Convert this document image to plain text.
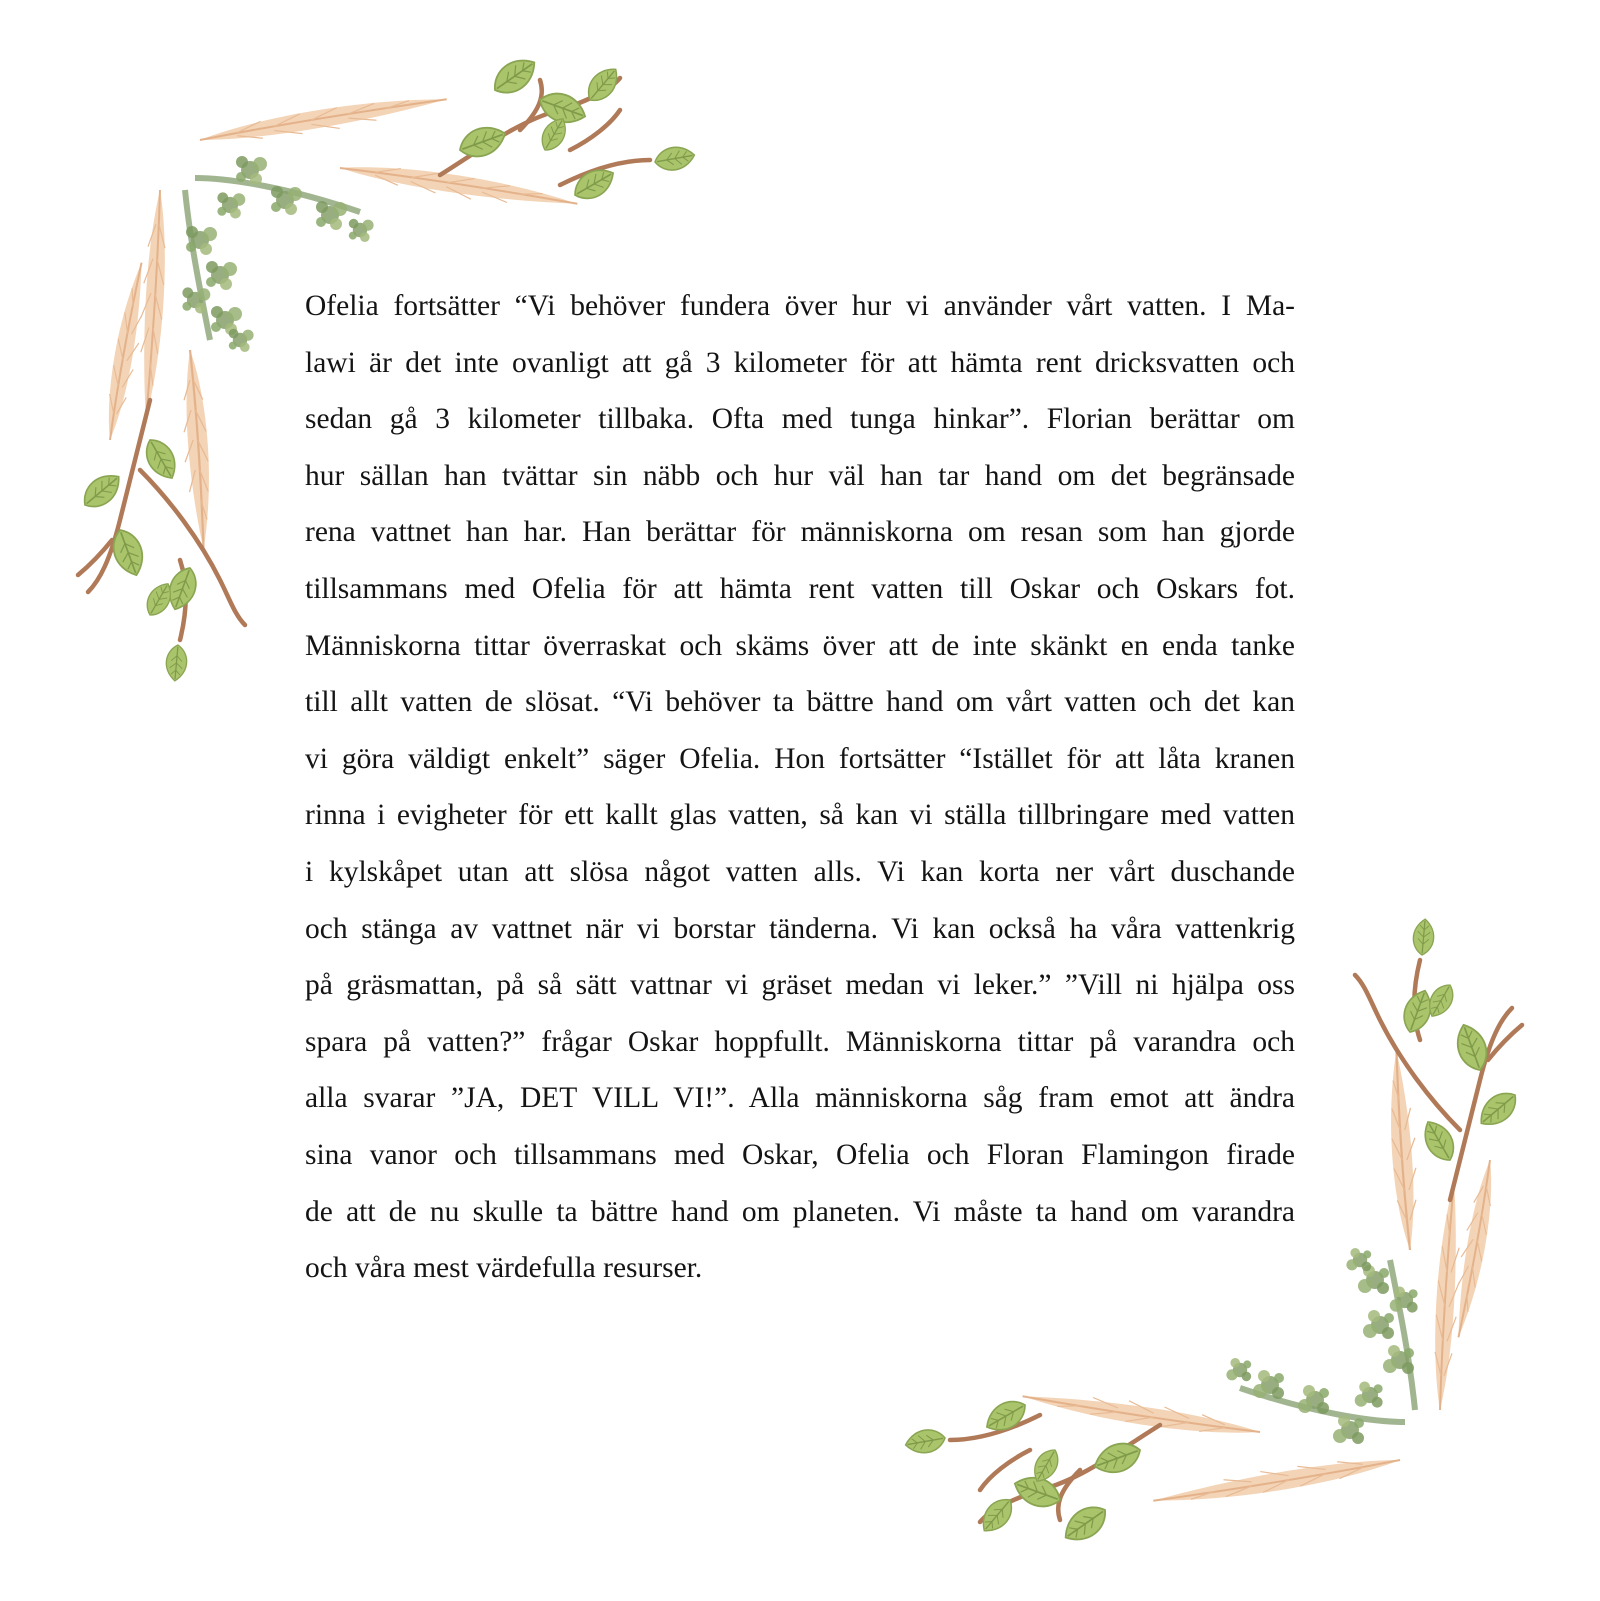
Ofelia fortsätter “Vi behöver fundera över hur vi använder vårt vatten. I Ma-
lawi är det inte ovanligt att gå 3 kilometer för att hämta rent dricksvatten och
sedan gå 3 kilometer tillbaka. Ofta med tunga hinkar”. Florian berättar om
hur sällan han tvättar sin näbb och hur väl han tar hand om det begränsade
rena vattnet han har. Han berättar för människorna om resan som han gjorde
tillsammans med Ofelia för att hämta rent vatten till Oskar och Oskars fot.
Människorna tittar överraskat och skäms över att de inte skänkt en enda tanke
till allt vatten de slösat. “Vi behöver ta bättre hand om vårt vatten och det kan
vi göra väldigt enkelt” säger Ofelia. Hon fortsätter “Istället för att låta kranen
rinna i evigheter för ett kallt glas vatten, så kan vi ställa tillbringare med vatten
i kylskåpet utan att slösa något vatten alls. Vi kan korta ner vårt duschande
och stänga av vattnet när vi borstar tänderna. Vi kan också ha våra vattenkrig
på gräsmattan, på så sätt vattnar vi gräset medan vi leker.” ”Vill ni hjälpa oss
spara på vatten?” frågar Oskar hoppfullt. Människorna tittar på varandra och
alla svarar ”JA, DET VILL VI!”. Alla människorna såg fram emot att ändra
sina vanor och tillsammans med Oskar, Ofelia och Floran Flamingon firade
de att de nu skulle ta bättre hand om planeten. Vi måste ta hand om varandra
och våra mest värdefulla resurser.
